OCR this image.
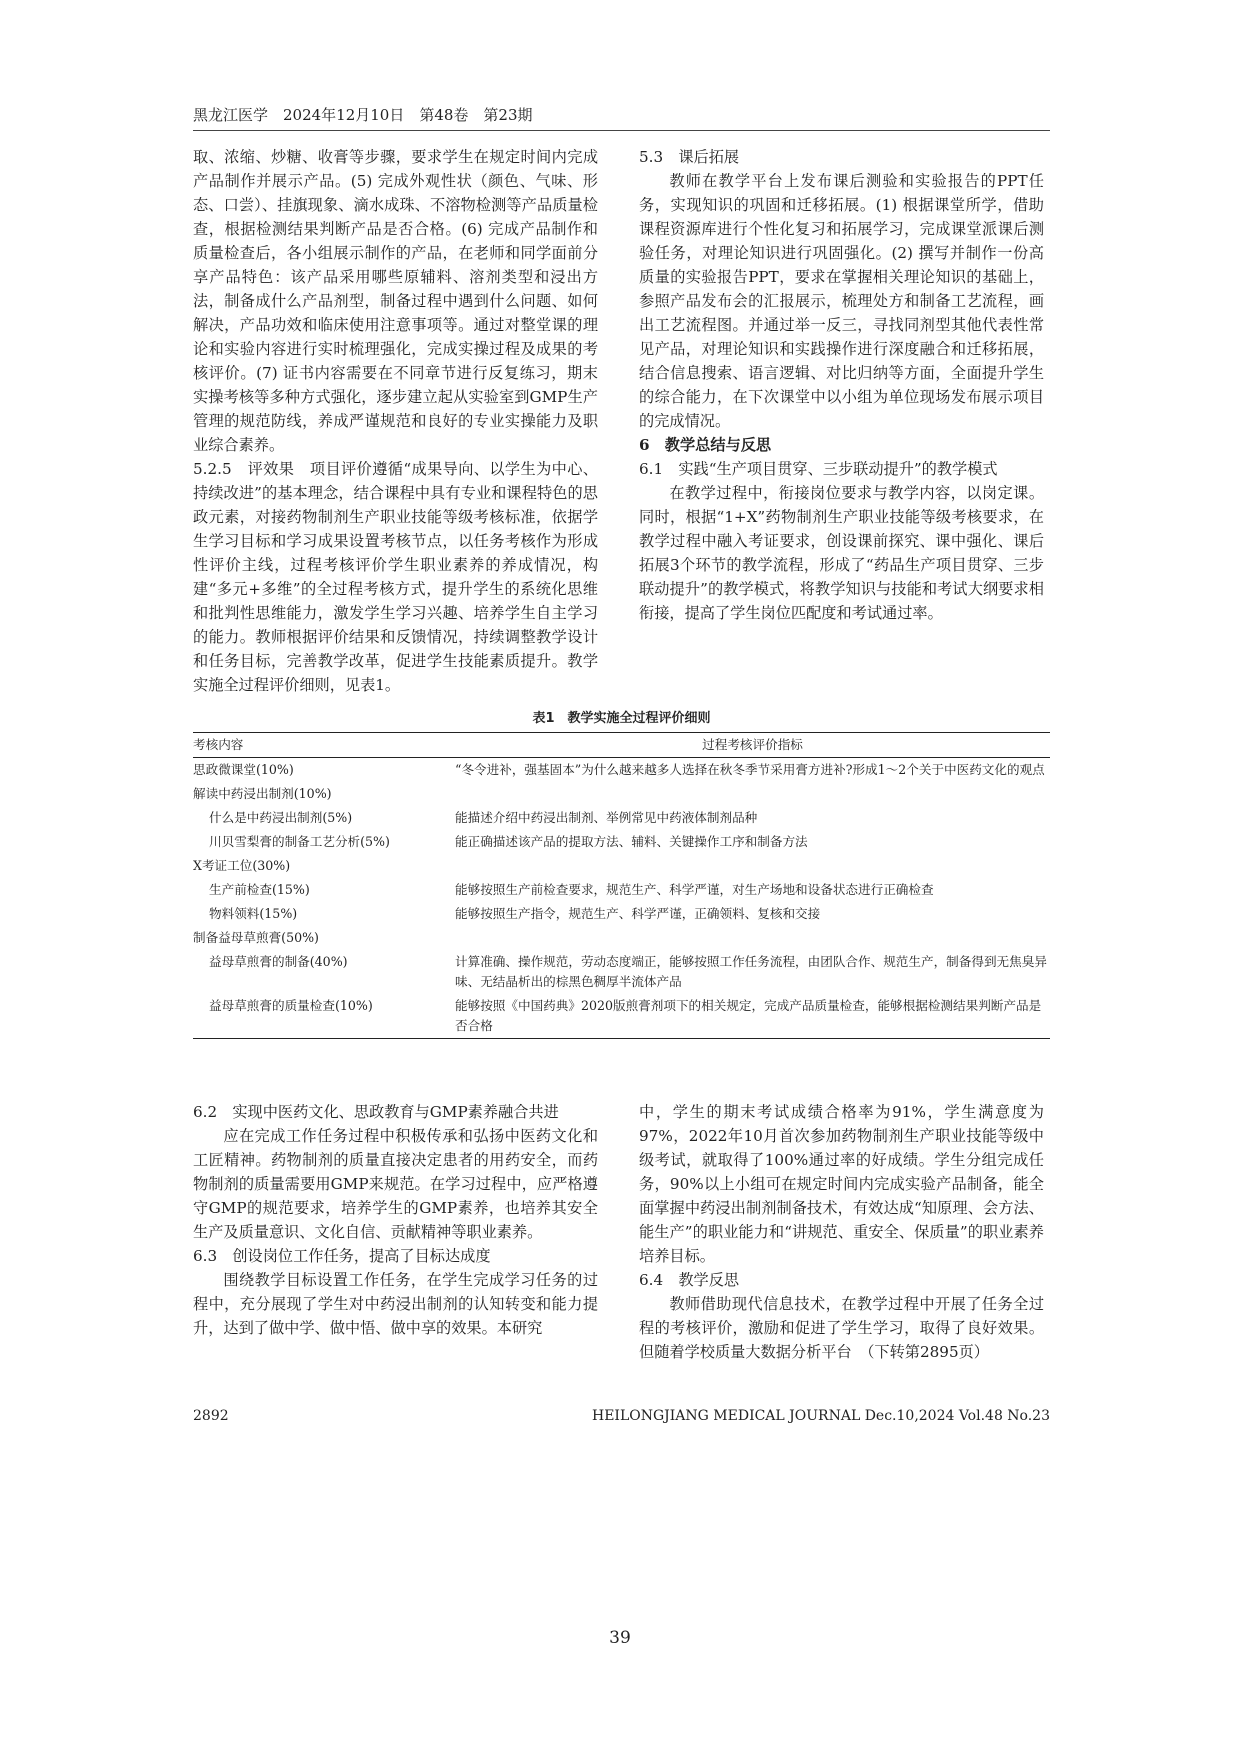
黑龙江医学　2024年12月10日　第48卷　第23期

取、浓缩、炒糖、收膏等步骤，要求学生在规定时间内完成产品制作并展示产品。(5) 完成外观性状（颜色、气味、形态、口尝）、挂旗现象、滴水成珠、不溶物检测等产品质量检查，根据检测结果判断产品是否合格。(6) 完成产品制作和质量检查后，各小组展示制作的产品，在老师和同学面前分享产品特色：该产品采用哪些原辅料、溶剂类型和浸出方法，制备成什么产品剂型，制备过程中遇到什么问题、如何解决，产品功效和临床使用注意事项等。通过对整堂课的理论和实验内容进行实时梳理强化，完成实操过程及成果的考核评价。(7) 证书内容需要在不同章节进行反复练习，期末实操考核等多种方式强化，逐步建立起从实验室到GMP生产管理的规范防线，养成严谨规范和良好的专业实操能力及职业综合素养。

5.2.5　评效果　项目评价遵循“成果导向、以学生为中心、持续改进”的基本理念，结合课程中具有专业和课程特色的思政元素，对接药物制剂生产职业技能等级考核标准，依据学生学习目标和学习成果设置考核节点，以任务考核作为形成性评价主线，过程考核评价学生职业素养的养成情况，构建“多元+多维”的全过程考核方式，提升学生的系统化思维和批判性思维能力，激发学生学习兴趣、培养学生自主学习的能力。教师根据评价结果和反馈情况，持续调整教学设计和任务目标，完善教学改革，促进学生技能素质提升。教学实施全过程评价细则，见表1。

5.3　课后拓展

教师在教学平台上发布课后测验和实验报告的PPT任务，实现知识的巩固和迁移拓展。(1) 根据课堂所学，借助课程资源库进行个性化复习和拓展学习，完成课堂派课后测验任务，对理论知识进行巩固强化。(2) 撰写并制作一份高质量的实验报告PPT，要求在掌握相关理论知识的基础上，参照产品发布会的汇报展示，梳理处方和制备工艺流程，画出工艺流程图。并通过举一反三，寻找同剂型其他代表性常见产品，对理论知识和实践操作进行深度融合和迁移拓展，结合信息搜索、语言逻辑、对比归纳等方面，全面提升学生的综合能力，在下次课堂中以小组为单位现场发布展示项目的完成情况。

6　教学总结与反思

6.1　实践“生产项目贯穿、三步联动提升”的教学模式

在教学过程中，衔接岗位要求与教学内容，以岗定课。同时，根据“1+X”药物制剂生产职业技能等级考核要求，在教学过程中融入考证要求，创设课前探究、课中强化、课后拓展3个环节的教学流程，形成了“药品生产项目贯穿、三步联动提升”的教学模式，将教学知识与技能和考试大纲要求相衔接，提高了学生岗位匹配度和考试通过率。

表1　教学实施全过程评价细则
考核内容	过程考核评价指标
思政微课堂(10%)	“冬令进补，强基固本”为什么越来越多人选择在秋冬季节采用膏方进补?形成1～2个关于中医药文化的观点
解读中药浸出制剂(10%)
什么是中药浸出制剂(5%)	能描述介绍中药浸出制剂、举例常见中药液体制剂品种
川贝雪梨膏的制备工艺分析(5%)	能正确描述该产品的提取方法、辅料、关键操作工序和制备方法
X考证工位(30%)
生产前检查(15%)	能够按照生产前检查要求，规范生产、科学严谨，对生产场地和设备状态进行正确检查
物料领料(15%)	能够按照生产指令，规范生产、科学严谨，正确领料、复核和交接
制备益母草煎膏(50%)
益母草煎膏的制备(40%)	计算准确、操作规范，劳动态度端正，能够按照工作任务流程，由团队合作、规范生产，制备得到无焦臭异味、无结晶析出的棕黑色稠厚半流体产品
益母草煎膏的质量检查(10%)	能够按照《中国药典》2020版煎膏剂项下的相关规定，完成产品质量检查，能够根据检测结果判断产品是否合格

6.2　实现中医药文化、思政教育与GMP素养融合共进

应在完成工作任务过程中积极传承和弘扬中医药文化和工匠精神。药物制剂的质量直接决定患者的用药安全，而药物制剂的质量需要用GMP来规范。在学习过程中，应严格遵守GMP的规范要求，培养学生的GMP素养，也培养其安全生产及质量意识、文化自信、贡献精神等职业素养。

6.3　创设岗位工作任务，提高了目标达成度

围绕教学目标设置工作任务，在学生完成学习任务的过程中，充分展现了学生对中药浸出制剂的认知转变和能力提升，达到了做中学、做中悟、做中享的效果。本研究

中，学生的期末考试成绩合格率为91%，学生满意度为97%，2022年10月首次参加药物制剂生产职业技能等级中级考试，就取得了100%通过率的好成绩。学生分组完成任务，90%以上小组可在规定时间内完成实验产品制备，能全面掌握中药浸出制剂制备技术，有效达成“知原理、会方法、能生产”的职业能力和“讲规范、重安全、保质量”的职业素养培养目标。

6.4　教学反思

教师借助现代信息技术，在教学过程中开展了任务全过程的考核评价，激励和促进了学生学习，取得了良好效果。但随着学校质量大数据分析平台　（下转第2895页）

2892	HEILONGJIANG MEDICAL JOURNAL Dec.10,2024 Vol.48 No.23
39
